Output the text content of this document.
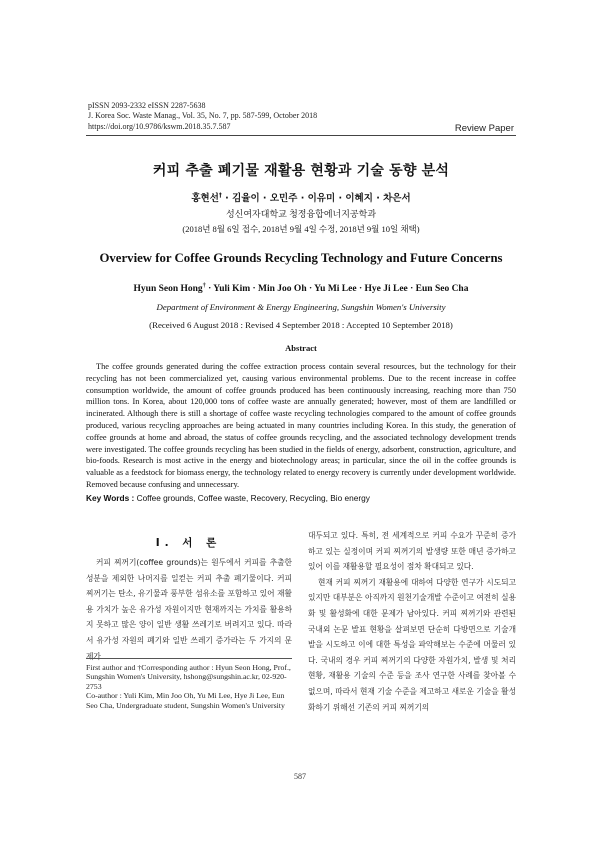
pISSN 2093-2332 eISSN 2287-5638
J. Korea Soc. Waste Manag., Vol. 35, No. 7, pp. 587-599, October 2018
https://doi.org/10.9786/kswm.2018.35.7.587	Review Paper
커피 추출 폐기물 재활용 현황과 기술 동향 분석
홍현선† · 김율이 · 오민주 · 이유미 · 이혜지 · 차은서
성신여자대학교 청정융합에너지공학과
(2018년 8월 6일 접수, 2018년 9월 4일 수정, 2018년 9월 10일 채택)
Overview for Coffee Grounds Recycling Technology and Future Concerns
Hyun Seon Hong† · Yuli Kim · Min Joo Oh · Yu Mi Lee · Hye Ji Lee · Eun Seo Cha
Department of Environment & Energy Engineering, Sungshin Women's University
(Received 6 August 2018 : Revised 4 September 2018 : Accepted 10 September 2018)
Abstract

The coffee grounds generated during the coffee extraction process contain several resources, but the technology for their recycling has not been commercialized yet, causing various environmental problems. Due to the recent increase in coffee consumption worldwide, the amount of coffee grounds produced has been continuously increasing, reaching more than 750 million tons. In Korea, about 120,000 tons of coffee waste are annually generated; however, most of them are landfilled or incinerated. Although there is still a shortage of coffee waste recycling technologies compared to the amount of coffee grounds produced, various recycling approaches are being actuated in many countries including Korea. In this study, the generation of coffee grounds at home and abroad, the status of coffee grounds recycling, and the associated technology development trends were investigated. The coffee grounds recycling has been studied in the fields of energy, adsorbent, construction, agriculture, and bio-foods. Research is most active in the energy and biotechnology areas; in particular, since the oil in the coffee grounds is valuable as a feedstock for biomass energy, the technology related to energy recovery is currently under development worldwide. Removed because confusing and unnecessary.

Key Words : Coffee grounds, Coffee waste, Recovery, Recycling, Bio energy
I. 서 론

커피 찌꺼기(coffee grounds)는 원두에서 커피를 추출한 성분을 제외한 나머지를 일컫는 커피 추출 폐기물이다. 커피 찌꺼기는 탄소, 유기물과 풍부한 섬유소를 포함하고 있어 재활용 가치가 높은 유가성 자원이지만 현재까지는 가치를 활용하지 못하고 많은 양이 일반 생활 쓰레기로 버려지고 있다. 따라서 유가성 자원의 폐기와 일반 쓰레기 증가라는 두 가지의 문제가

First author and †Corresponding author : Hyun Seon Hong, Prof., Sungshin Women's University, hshong@sungshin.ac.kr, 02-920-2753
Co-author : Yuli Kim, Min Joo Oh, Yu Mi Lee, Hye Ji Lee, Eun Seo Cha, Undergraduate student, Sungshin Women's University

대두되고 있다. 특히, 전 세계적으로 커피 수요가 꾸준히 증가하고 있는 실정이며 커피 찌꺼기의 발생량 또한 매년 증가하고 있어 이를 재활용할 필요성이 점차 확대되고 있다.

현재 커피 찌꺼기 재활용에 대하여 다양한 연구가 시도되고 있지만 대부분은 아직까지 원천기술개발 수준이고 여전히 실용화 및 활성화에 대한 문제가 남아있다. 커피 찌꺼기와 관련된 국내외 논문 발표 현황을 살펴보면 단순히 다방면으로 기술개발을 시도하고 이에 대한 특성을 파악해보는 수준에 머물러 있다. 국내의 경우 커피 찌꺼기의 다양한 자원가치, 발생 및 처리 현황, 재활용 기술의 수준 등을 조사 연구한 사례를 찾아볼 수 없으며, 따라서 현재 기술 수준을 제고하고 새로운 기술을 활성화하기 위해선 기존의 커피 찌꺼기의

587
